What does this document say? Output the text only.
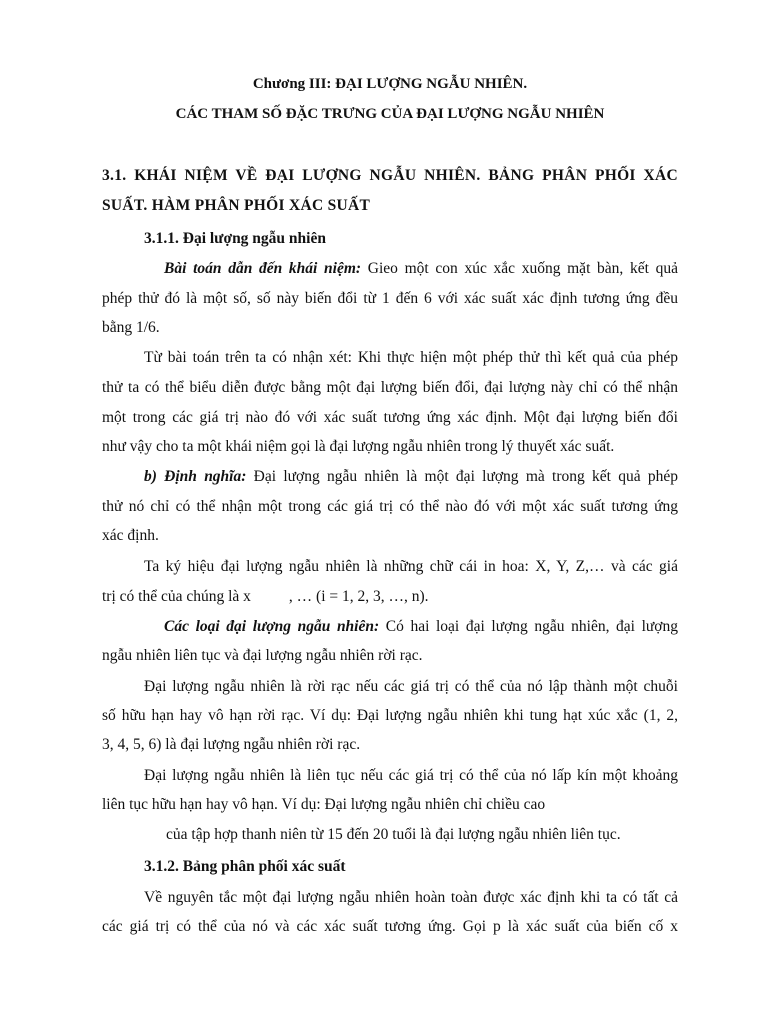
Chương III: ĐẠI LƯỢNG NGẪU NHIÊN.
CÁC THAM SỐ ĐẶC TRƯNG CỦA ĐẠI LƯỢNG NGẪU NHIÊN
3.1. KHÁI NIỆM VỀ ĐẠI LƯỢNG NGẪU NHIÊN. BẢNG PHÂN PHỐI XÁC
SUẤT. HÀM PHÂN PHỐI XÁC SUẤT
3.1.1. Đại lượng ngẫu nhiên
Bài toán dẫn đến khái niệm: Gieo một con xúc xắc xuống mặt bàn, kết quả
phép thử đó là một số, số này biến đổi từ 1 đến 6 với xác suất xác định tương ứng đều
bằng 1/6.
Từ bài toán trên ta có nhận xét: Khi thực hiện một phép thử thì kết quả của phép
thử ta có thể biểu diễn được bằng một đại lượng biến đổi, đại lượng này chỉ có thể nhận
một trong các giá trị nào đó với xác suất tương ứng xác định. Một đại lượng biến đổi
như vậy cho ta một khái niệm gọi là đại lượng ngẫu nhiên trong lý thuyết xác suất.
b) Định nghĩa: Đại lượng ngẫu nhiên là một đại lượng mà trong kết quả phép
thử nó chỉ có thể nhận một trong các giá trị có thể nào đó với một xác suất tương ứng
xác định.
Ta ký hiệu đại lượng ngẫu nhiên là những chữ cái in hoa: X, Y, Z,… và các giá
trị có thể của chúng là x , … (i = 1, 2, 3, …, n).
Các loại đại lượng ngẫu nhiên: Có hai loại đại lượng ngẫu nhiên, đại lượng
ngẫu nhiên liên tục và đại lượng ngẫu nhiên rời rạc.
Đại lượng ngẫu nhiên là rời rạc nếu các giá trị có thể của nó lập thành một chuỗi
số hữu hạn hay vô hạn rời rạc. Ví dụ: Đại lượng ngẫu nhiên khi tung hạt xúc xắc (1, 2,
3, 4, 5, 6) là đại lượng ngẫu nhiên rời rạc.
Đại lượng ngẫu nhiên là liên tục nếu các giá trị có thể của nó lấp kín một khoảng
liên tục hữu hạn hay vô hạn. Ví dụ: Đại lượng ngẫu nhiên chỉ chiều cao
của tập hợp thanh niên từ 15 đến 20 tuổi là đại lượng ngẫu nhiên liên tục.
3.1.2. Bảng phân phối xác suất
Về nguyên tắc một đại lượng ngẫu nhiên hoàn toàn được xác định khi ta có tất cả
các giá trị có thể của nó và các xác suất tương ứng. Gọi p là xác suất của biến cố x
